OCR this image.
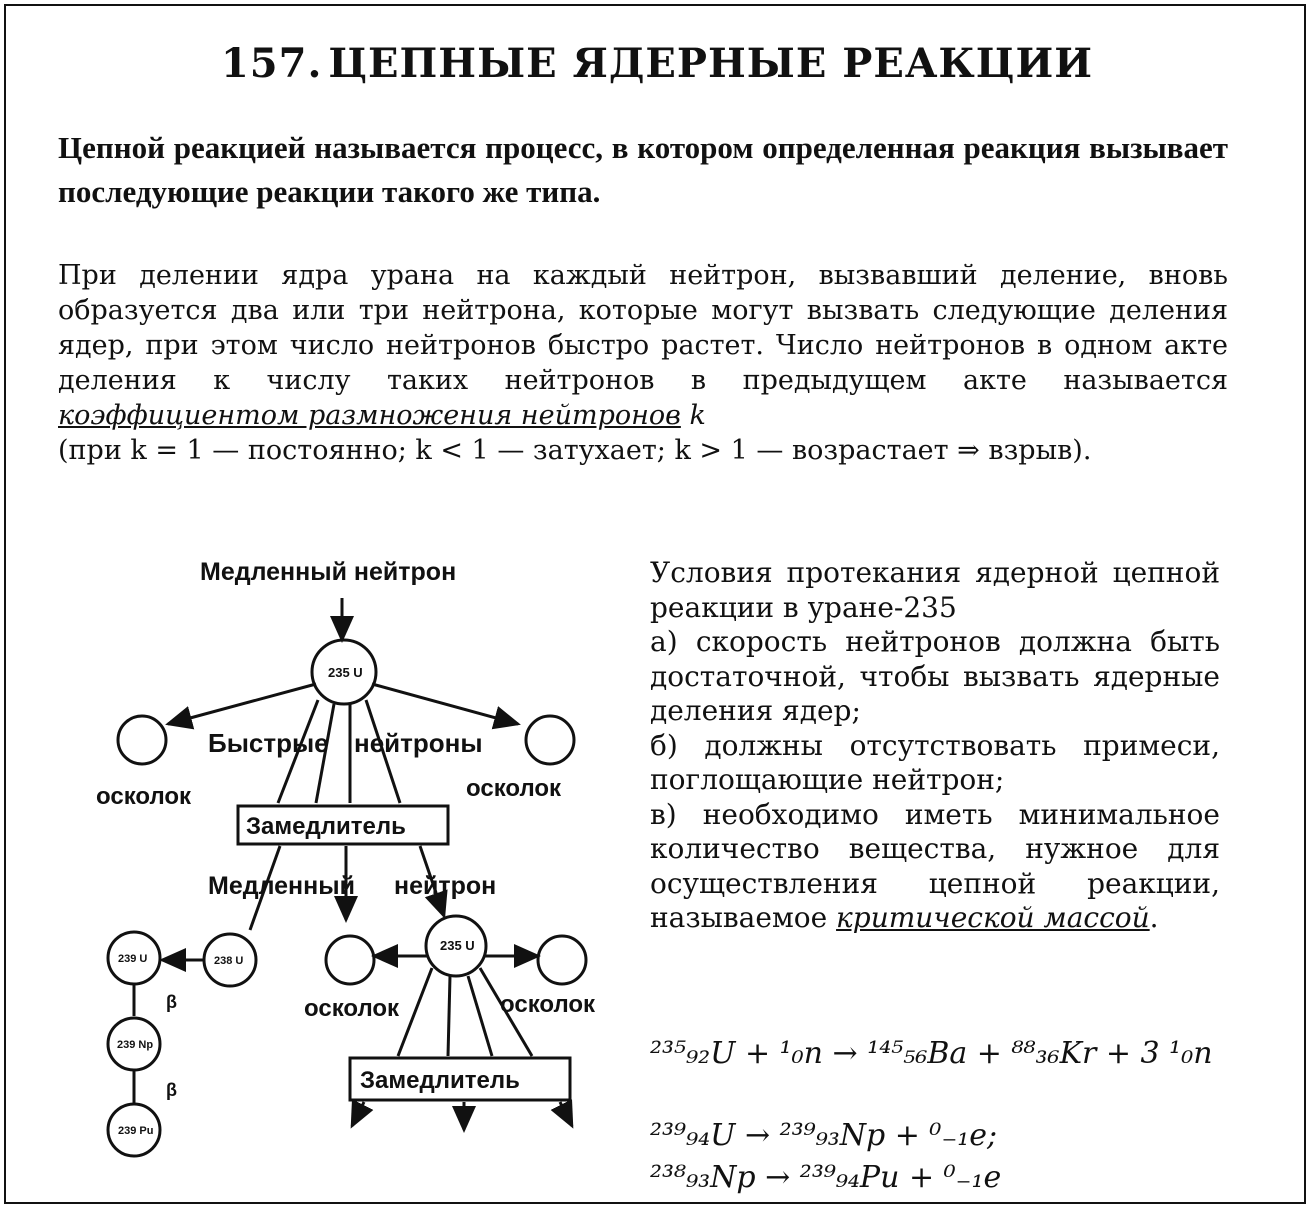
157. ЦЕПНЫЕ ЯДЕРНЫЕ РЕАКЦИИ
Цепной реакцией называется процесс, в котором определенная реакция вызывает последующие реакции такого же типа.
При делении ядра урана на каждый нейтрон, вызвавший деление, вновь образуется два или три нейтрона, которые могут вызвать следующие деления ядер, при этом число нейтронов быстро растет. Число нейтронов в одном акте деления к числу таких нейтронов в предыдущем акте называется коэффициентом размножения нейтронов k
(при k = 1 — постоянно; k < 1 — затухает; k > 1 — возрастает ⇒ взрыв).
Медленный нейтрон
235 U
Быстрые нейтроны
осколок	осколок
Замедлитель
Медленный нейтрон
238 U
239 U
β
239 Np
β
239 Pu
235 U
осколок	осколок
Замедлитель
Условия протекания ядерной цепной реакции в уране-235
а) скорость нейтронов должна быть достаточной, чтобы вызвать ядерные деления ядер;
б) должны отсутствовать примеси, поглощающие нейтрон;
в) необходимо иметь минимальное количество вещества, нужное для осуществления цепной реакции, называемое критической массой.
²³⁵₉₂U + ¹₀n → ¹⁴⁵₅₆Ba + ⁸⁸₃₆Kr + 3 ¹₀n
²³⁹₉₄U → ²³⁹₉₃Np + ⁰₋₁e;
²³⁸₉₃Np → ²³⁹₉₄Pu + ⁰₋₁e
